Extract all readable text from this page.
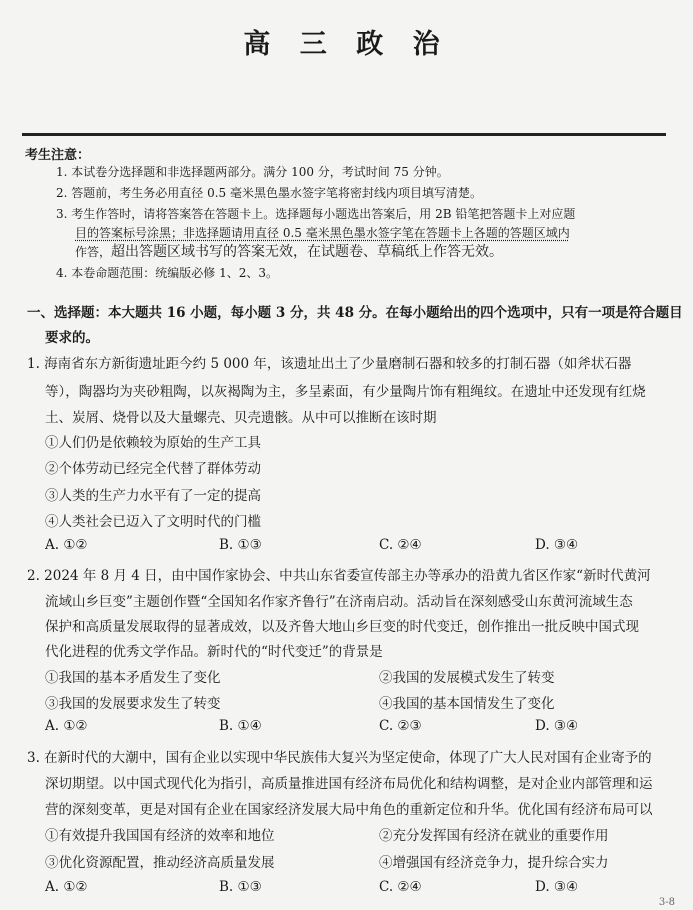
高 三 政 治
考生注意：
1. 本试卷分选择题和非选择题两部分。满分 100 分，考试时间 75 分钟。
2. 答题前，考生务必用直径 0.5 毫米黑色墨水签字笔将密封线内项目填写清楚。
3. 考生作答时，请将答案答在答题卡上。选择题每小题选出答案后，用 2B 铅笔把答题卡上对应题
目的答案标号涂黑；非选择题请用直径 0.5 毫米黑色墨水签字笔在答题卡上各题的答题区域内
作答，超出答题区域书写的答案无效，在试题卷、草稿纸上作答无效。
4. 本卷命题范围：统编版必修 1、2、3。
一、选择题：本大题共 16 小题，每小题 3 分，共 48 分。在每小题给出的四个选项中，只有一项是符合题目
要求的。
1. 海南省东方新街遗址距今约 5 000 年，该遗址出土了少量磨制石器和较多的打制石器（如斧状石器
等），陶器均为夹砂粗陶，以灰褐陶为主，多呈素面，有少量陶片饰有粗绳纹。在遗址中还发现有红烧
土、炭屑、烧骨以及大量螺壳、贝壳遗骸。从中可以推断在该时期
①人们仍是依赖较为原始的生产工具
②个体劳动已经完全代替了群体劳动
③人类的生产力水平有了一定的提高
④人类社会已迈入了文明时代的门槛
A. ①②	B. ①③	C. ②④	D. ③④
2. 2024 年 8 月 4 日，由中国作家协会、中共山东省委宣传部主办等承办的沿黄九省区作家“新时代黄河
流域山乡巨变”主题创作暨“全国知名作家齐鲁行”在济南启动。活动旨在深刻感受山东黄河流域生态
保护和高质量发展取得的显著成效，以及齐鲁大地山乡巨变的时代变迁，创作推出一批反映中国式现
代化进程的优秀文学作品。新时代的“时代变迁”的背景是
①我国的基本矛盾发生了变化	②我国的发展模式发生了转变
③我国的发展要求发生了转变	④我国的基本国情发生了变化
A. ①②	B. ①④	C. ②③	D. ③④
3. 在新时代的大潮中，国有企业以实现中华民族伟大复兴为坚定使命，体现了广大人民对国有企业寄予的
深切期望。以中国式现代化为指引，高质量推进国有经济布局优化和结构调整，是对企业内部管理和运
营的深刻变革，更是对国有企业在国家经济发展大局中角色的重新定位和升华。优化国有经济布局可以
①有效提升我国国有经济的效率和地位	②充分发挥国有经济在就业的重要作用
③优化资源配置，推动经济高质量发展	④增强国有经济竞争力，提升综合实力
A. ①②	B. ①③	C. ②④	D. ③④
3-8
